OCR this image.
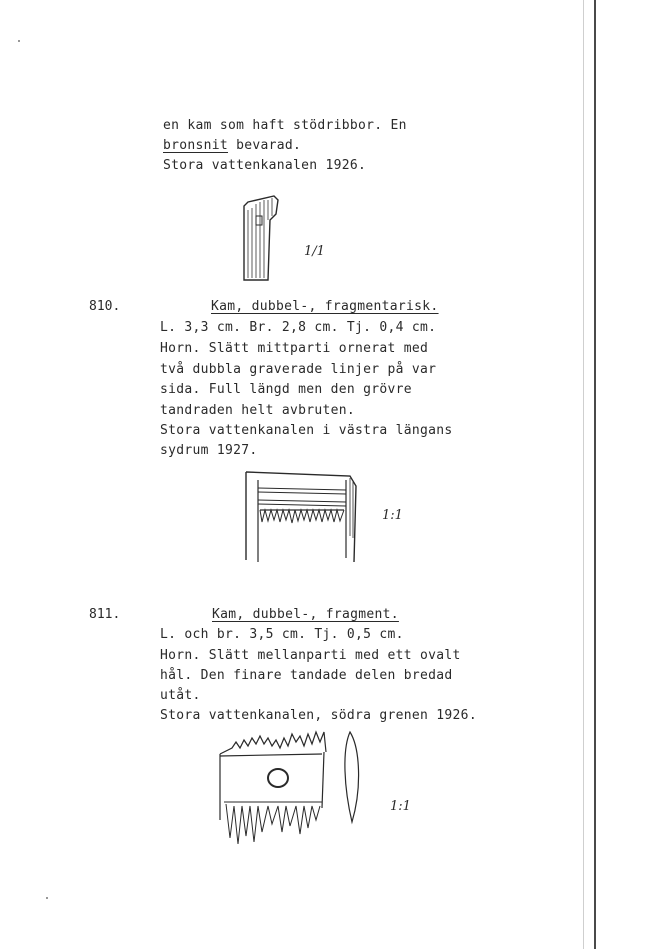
en kam som haft stödribbor. En
bronsnit bevarad.
Stora vattenkanalen 1926.
1/1
810.	Kam, dubbel-, fragmentarisk.
L. 3,3 cm. Br. 2,8 cm. Tj. 0,4 cm.
Horn. Slätt mittparti ornerat med
två dubbla graverade linjer på var
sida. Full längd men den grövre
tandraden helt avbruten.
Stora vattenkanalen i västra längans
sydrum 1927.
1:1
811.	Kam, dubbel-, fragment.
L. och br. 3,5 cm. Tj. 0,5 cm.
Horn. Slätt mellanparti med ett ovalt
hål. Den finare tandade delen bredad
utåt.
Stora vattenkanalen, södra grenen 1926.
1:1
